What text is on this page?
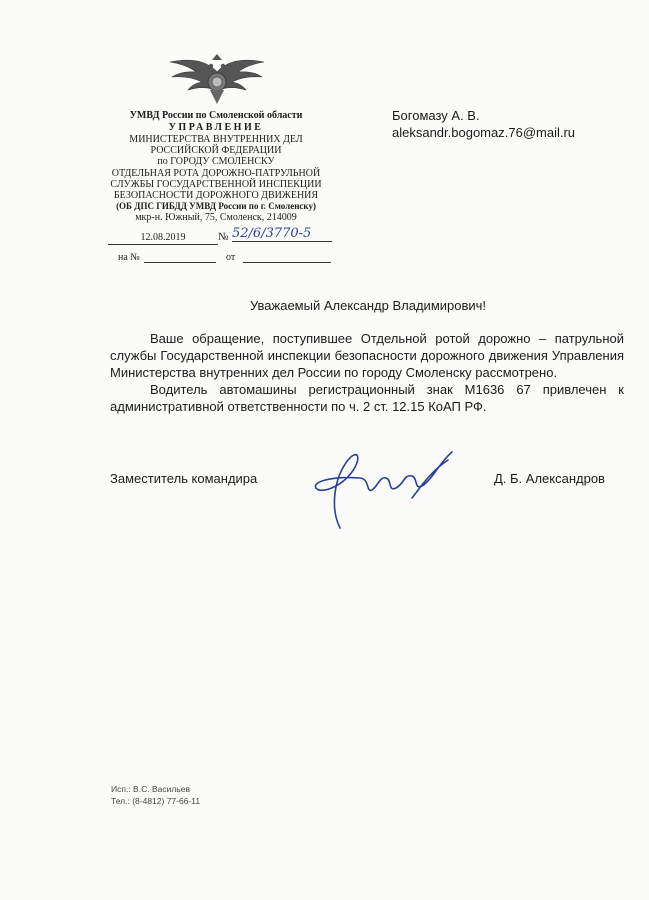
УМВД России по Смоленской области
УПРАВЛЕНИЕ
МИНИСТЕРСТВА ВНУТРЕННИХ ДЕЛ
РОССИЙСКОЙ ФЕДЕРАЦИИ
по ГОРОДУ СМОЛЕНСКУ
ОТДЕЛЬНАЯ РОТА ДОРОЖНО-ПАТРУЛЬНОЙ
СЛУЖБЫ ГОСУДАРСТВЕННОЙ ИНСПЕКЦИИ
БЕЗОПАСНОСТИ ДОРОЖНОГО ДВИЖЕНИЯ
(ОБ ДПС ГИБДД УМВД России по г. Смоленску)
мкр-н. Южный, 75, Смоленск, 214009
12.08.2019	№ 52/6/3770-5
на №	от
Богомазу А. В.
aleksandr.bogomaz.76@mail.ru
Уважаемый Александр Владимирович!

Ваше обращение, поступившее Отдельной ротой дорожно – патрульной службы Государственной инспекции безопасности дорожного движения Управления Министерства внутренних дел России по городу Смоленску рассмотрено.

Водитель автомашины регистрационный знак М1636 67 привлечен к административной ответственности по ч. 2 ст. 12.15 КоАП РФ.

Заместитель командира	Д. Б. Александров
Исп.: В.С. Васильев
Тел.: (8-4812) 77-66-11
